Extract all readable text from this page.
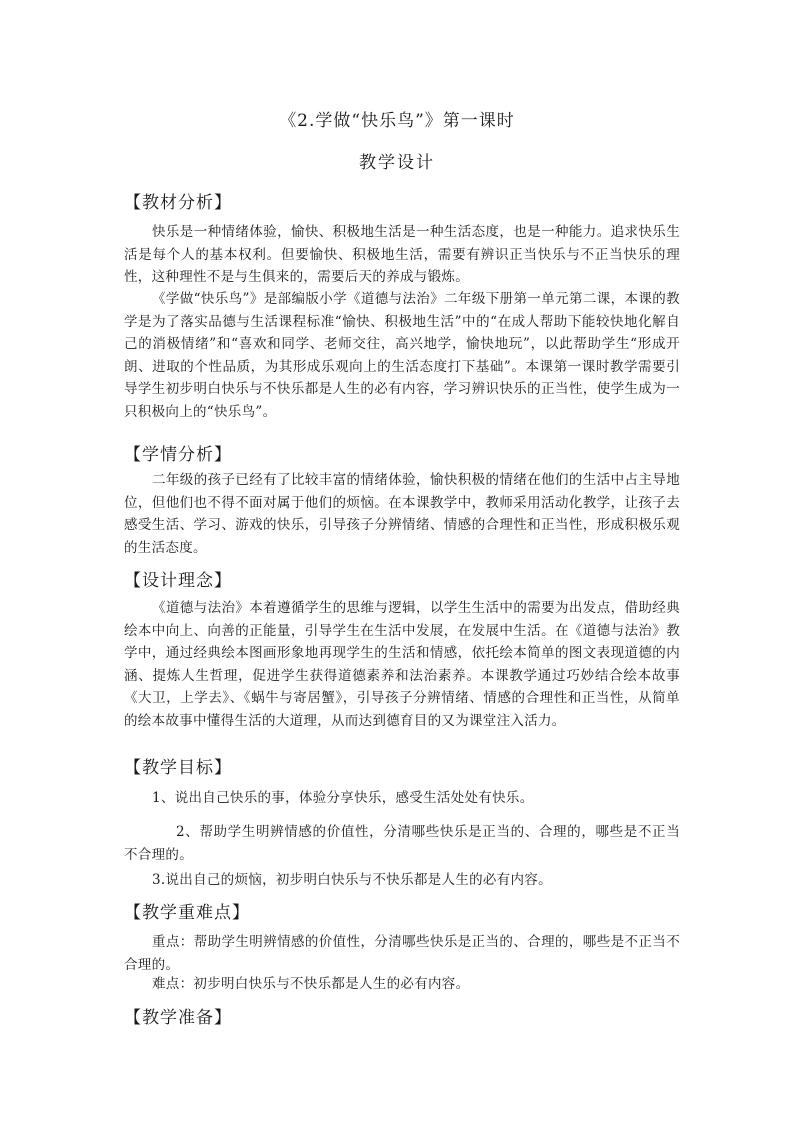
《2.学做“快乐鸟”》第一课时
教学设计
【教材分析】
快乐是一种情绪体验，愉快、积极地生活是一种生活态度，也是一种能力。追求快乐生活是每个人的基本权利。但要愉快、积极地生活，需要有辨识正当快乐与不正当快乐的理性，这种理性不是与生俱来的，需要后天的养成与锻炼。
《学做“快乐鸟”》是部编版小学《道德与法治》二年级下册第一单元第二课，本课的教学是为了落实品德与生活课程标准“愉快、积极地生活”中的“在成人帮助下能较快地化解自己的消极情绪”和“喜欢和同学、老师交往，高兴地学，愉快地玩”，以此帮助学生“形成开朗、进取的个性品质，为其形成乐观向上的生活态度打下基础”。本课第一课时教学需要引导学生初步明白快乐与不快乐都是人生的必有内容，学习辨识快乐的正当性，使学生成为一只积极向上的“快乐鸟”。
【学情分析】
二年级的孩子已经有了比较丰富的情绪体验，愉快积极的情绪在他们的生活中占主导地位，但他们也不得不面对属于他们的烦恼。在本课教学中，教师采用活动化教学，让孩子去感受生活、学习、游戏的快乐，引导孩子分辨情绪、情感的合理性和正当性，形成积极乐观的生活态度。
【设计理念】
《道德与法治》本着遵循学生的思维与逻辑，以学生生活中的需要为出发点，借助经典绘本中向上、向善的正能量，引导学生在生活中发展，在发展中生活。在《道德与法治》教学中，通过经典绘本图画形象地再现学生的生活和情感，依托绘本简单的图文表现道德的内涵、提炼人生哲理，促进学生获得道德素养和法治素养。本课教学通过巧妙结合绘本故事《大卫，上学去》、《蜗牛与寄居蟹》，引导孩子分辨情绪、情感的合理性和正当性，从简单的绘本故事中懂得生活的大道理，从而达到德育目的又为课堂注入活力。
【教学目标】
1、说出自己快乐的事，体验分享快乐，感受生活处处有快乐。
2、帮助学生明辨情感的价值性，分清哪些快乐是正当的、合理的，哪些是不正当不合理的。
3.说出自己的烦恼，初步明白快乐与不快乐都是人生的必有内容。
【教学重难点】
重点：帮助学生明辨情感的价值性，分清哪些快乐是正当的、合理的，哪些是不正当不合理的。
难点：初步明白快乐与不快乐都是人生的必有内容。
【教学准备】
